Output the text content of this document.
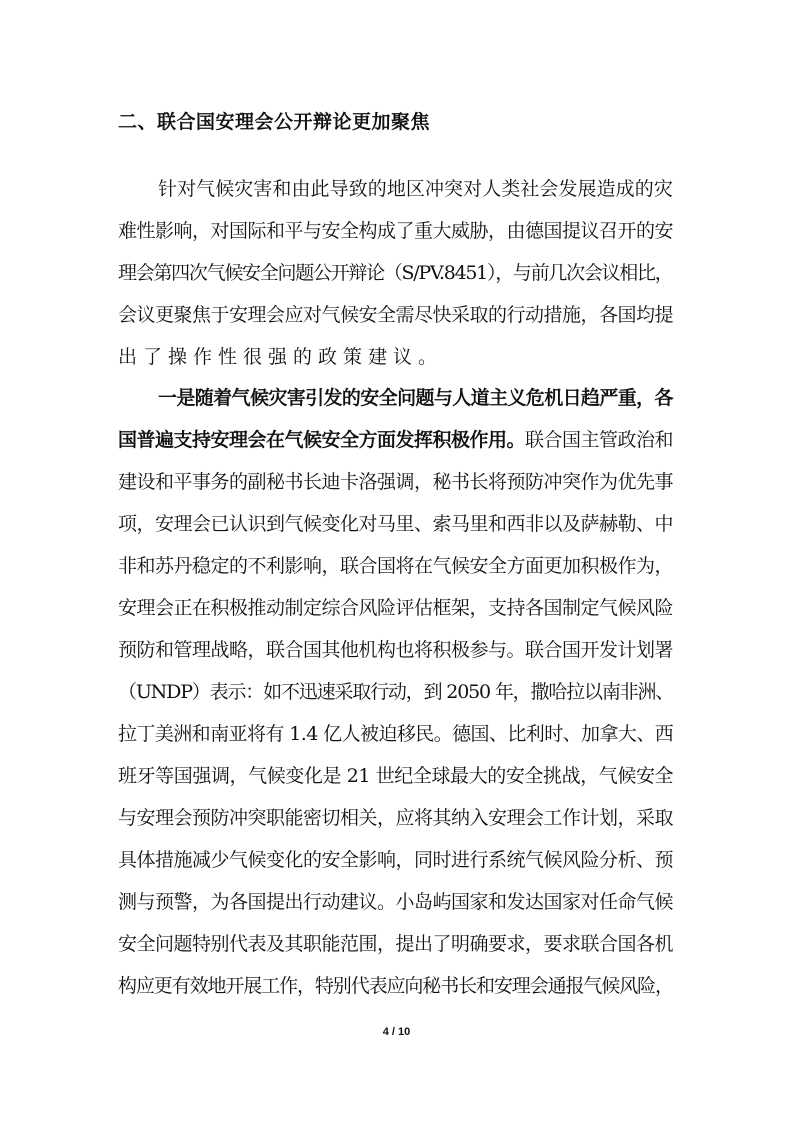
二、联合国安理会公开辩论更加聚焦

针对气候灾害和由此导致的地区冲突对人类社会发展造成的灾

难性影响，对国际和平与安全构成了重大威胁，由德国提议召开的安

理会第四次气候安全问题公开辩论（S/PV.8451），与前几次会议相比，

会议更聚焦于安理会应对气候安全需尽快采取的行动措施，各国均提

出了操作性很强的政策建议。

一是随着气候灾害引发的安全问题与人道主义危机日趋严重，各

国普遍支持安理会在气候安全方面发挥积极作用。联合国主管政治和

建设和平事务的副秘书长迪卡洛强调，秘书长将预防冲突作为优先事

项，安理会已认识到气候变化对马里、索马里和西非以及萨赫勒、中

非和苏丹稳定的不利影响，联合国将在气候安全方面更加积极作为，

安理会正在积极推动制定综合风险评估框架，支持各国制定气候风险

预防和管理战略，联合国其他机构也将积极参与。联合国开发计划署

（UNDP）表示：如不迅速采取行动，到 2050 年，撒哈拉以南非洲、

拉丁美洲和南亚将有 1.4 亿人被迫移民。德国、比利时、加拿大、西

班牙等国强调，气候变化是 21 世纪全球最大的安全挑战，气候安全

与安理会预防冲突职能密切相关，应将其纳入安理会工作计划，采取

具体措施减少气候变化的安全影响，同时进行系统气候风险分析、预

测与预警，为各国提出行动建议。小岛屿国家和发达国家对任命气候

安全问题特别代表及其职能范围，提出了明确要求，要求联合国各机

构应更有效地开展工作，特别代表应向秘书长和安理会通报气候风险，

4 / 10
